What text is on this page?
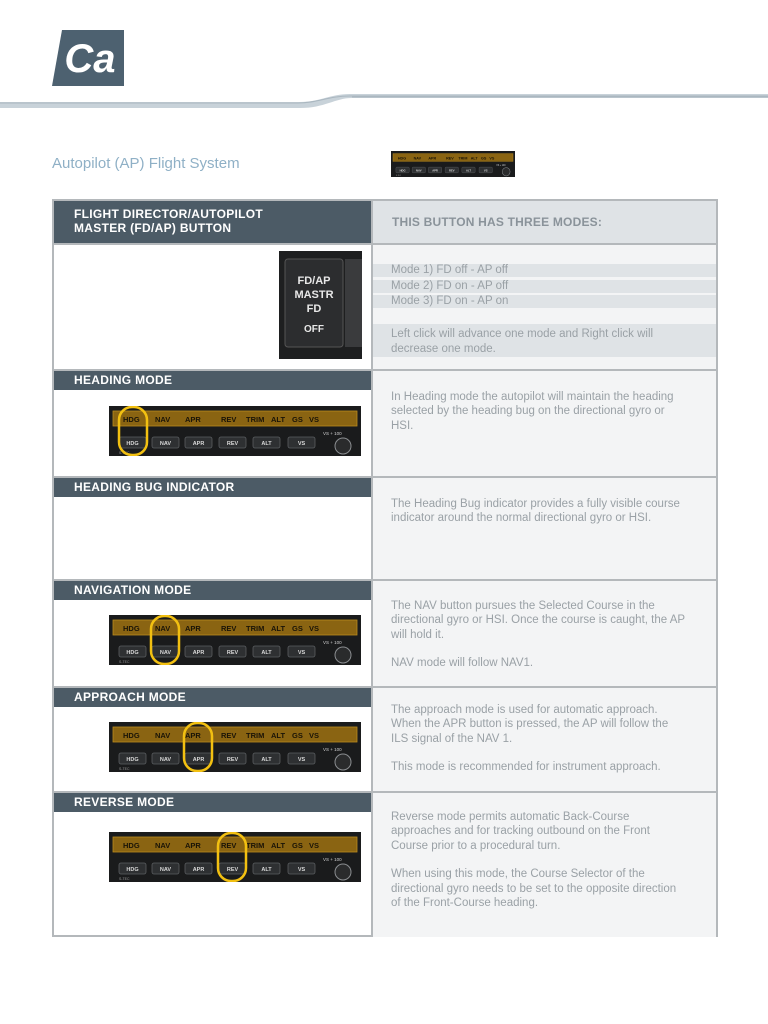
Ca
Autopilot (AP) Flight System	HDG NAV APR REV TRIM ALT GS VS
HDG NAV APR REV ALT VS
VS + 100
S-TEC
FLIGHT DIRECTOR/AUTOPILOT
MASTER (FD/AP) BUTTON	THIS BUTTON HAS THREE MODES:
FD/AP
MASTR
FD
OFF
Mode 1) FD off - AP off
Mode 2) FD on - AP off
Mode 3) FD on - AP on
Left click will advance one mode and Right click will decrease one mode.
HEADING MODE

In Heading mode the autopilot will maintain the heading selected by the heading bug on the directional gyro or HSI.

HDG NAV APR	REV TRIM ALT GS VS
HDG	NAV	APR	REV	ALT	VS
VS + 100
S-TEC
HEADING BUG INDICATOR

The Heading Bug indicator provides a fully visible course indicator around the normal directional gyro or HSI.

NAVIGATION MODE

The NAV button pursues the Selected Course in the directional gyro or HSI. Once the course is caught, the AP will hold it.

NAV mode will follow NAV1.

HDG NAV APR	REV TRIM ALT GS VS
HDG	NAV	APR	REV	ALT	VS
VS + 100
S-TEC
APPROACH MODE

The approach mode is used for automatic approach. When the APR button is pressed, the AP will follow the ILS signal of the NAV 1.

This mode is recommended for instrument approach.

HDG NAV APR	REV TRIM ALT GS VS
HDG	NAV	APR	REV	ALT	VS
VS + 100
S-TEC
REVERSE MODE

Reverse mode permits automatic Back-Course approaches and for tracking outbound on the Front Course prior to a procedural turn.

When using this mode, the Course Selector of the directional gyro needs to be set to the opposite direction of the Front-Course heading.

HDG NAV APR	REV TRIM ALT GS VS
HDG	NAV	APR	REV	ALT	VS
VS + 100
S-TEC
